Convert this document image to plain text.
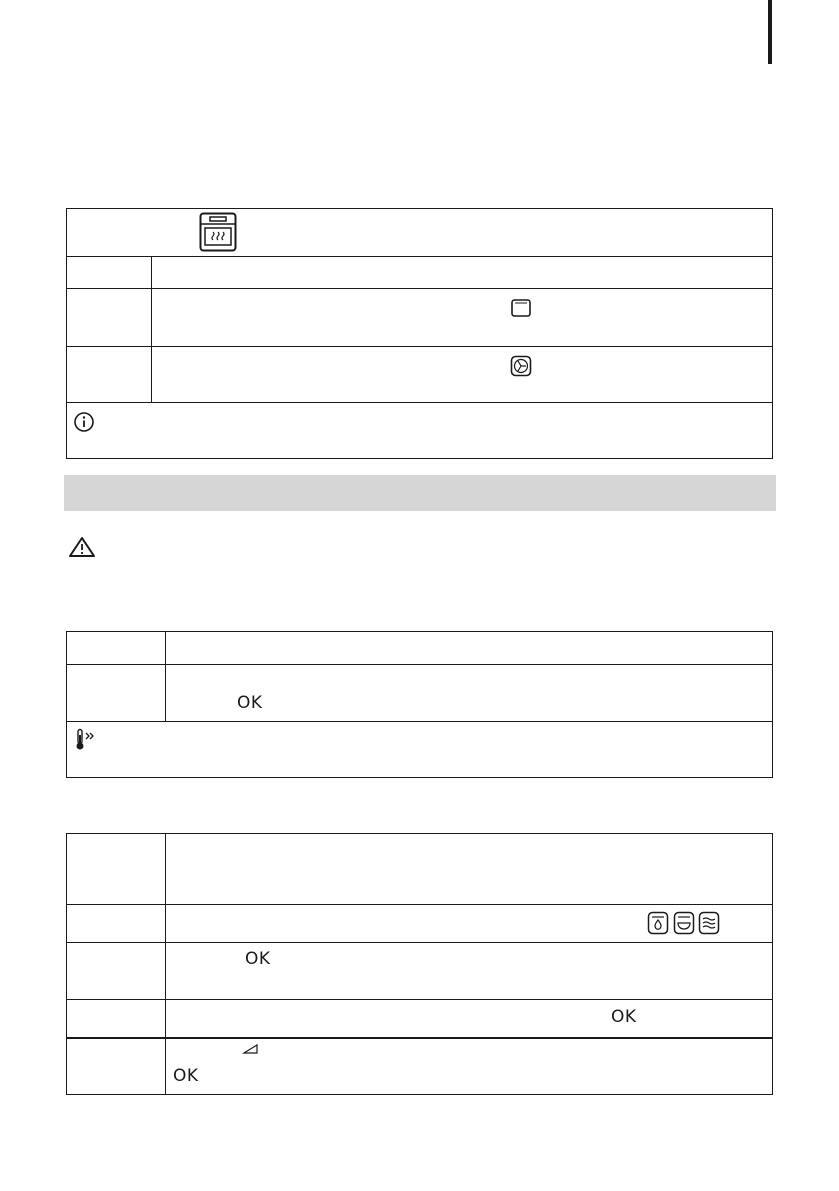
OK
OK
OK
OK
